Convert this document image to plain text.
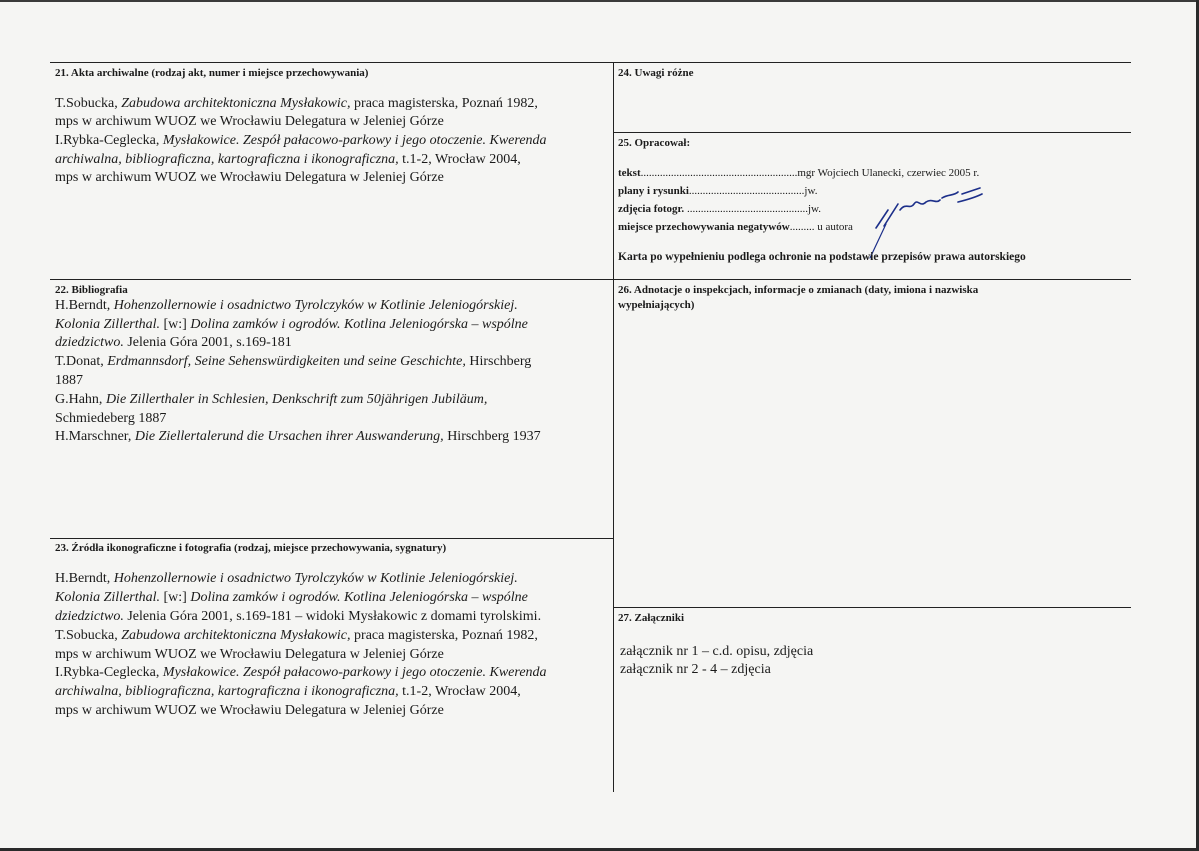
21. Akta archiwalne (rodzaj akt, numer i miejsce przechowywania)
T.Sobucka, Zabudowa architektoniczna Mysłakowic, praca magisterska, Poznań 1982,
mps w archiwum WUOZ we Wrocławiu Delegatura w Jeleniej Górze
I.Rybka-Ceglecka, Mysłakowice. Zespół pałacowo-parkowy i jego otoczenie. Kwerenda
archiwalna, bibliograficzna, kartograficzna i ikonograficzna, t.1-2, Wrocław 2004,
mps w archiwum WUOZ we Wrocławiu Delegatura w Jeleniej Górze
22. Bibliografia
H.Berndt, Hohenzollernowie i osadnictwo Tyrolczyków w Kotlinie Jeleniogórskiej.
Kolonia Zillerthal. [w:] Dolina zamków i ogrodów. Kotlina Jeleniogórska – wspólne
dziedzictwo. Jelenia Góra 2001, s.169-181
T.Donat, Erdmannsdorf, Seine Sehenswürdigkeiten und seine Geschichte, Hirschberg
1887
G.Hahn, Die Zillerthaler in Schlesien, Denkschrift zum 50jährigen Jubiläum,
Schmiedeberg 1887
H.Marschner, Die Ziellertalerund die Ursachen ihrer Auswanderung, Hirschberg 1937
23. Źródła ikonograficzne i fotografia (rodzaj, miejsce przechowywania, sygnatury)
H.Berndt, Hohenzollernowie i osadnictwo Tyrolczyków w Kotlinie Jeleniogórskiej.
Kolonia Zillerthal. [w:] Dolina zamków i ogrodów. Kotlina Jeleniogórska – wspólne
dziedzictwo. Jelenia Góra 2001, s.169-181 – widoki Mysłakowic z domami tyrolskimi.
T.Sobucka, Zabudowa architektoniczna Mysłakowic, praca magisterska, Poznań 1982,
mps w archiwum WUOZ we Wrocławiu Delegatura w Jeleniej Górze
I.Rybka-Ceglecka, Mysłakowice. Zespół pałacowo-parkowy i jego otoczenie. Kwerenda
archiwalna, bibliograficzna, kartograficzna i ikonograficzna, t.1-2, Wrocław 2004,
mps w archiwum WUOZ we Wrocławiu Delegatura w Jeleniej Górze
24. Uwagi różne
25. Opracował:
tekst.........................................................mgr Wojciech Ulanecki, czerwiec 2005 r.
plany i rysunki..........................................jw.
zdjęcia fotogr. ............................................jw.
miejsce przechowywania negatywów......... u autora
Karta po wypełnieniu podlega ochronie na podstawie przepisów prawa autorskiego
26. Adnotacje o inspekcjach, informacje o zmianach (daty, imiona i nazwiska
wypełniających)
27. Załączniki
załącznik nr 1 – c.d. opisu, zdjęcia
załącznik nr 2 - 4 – zdjęcia
